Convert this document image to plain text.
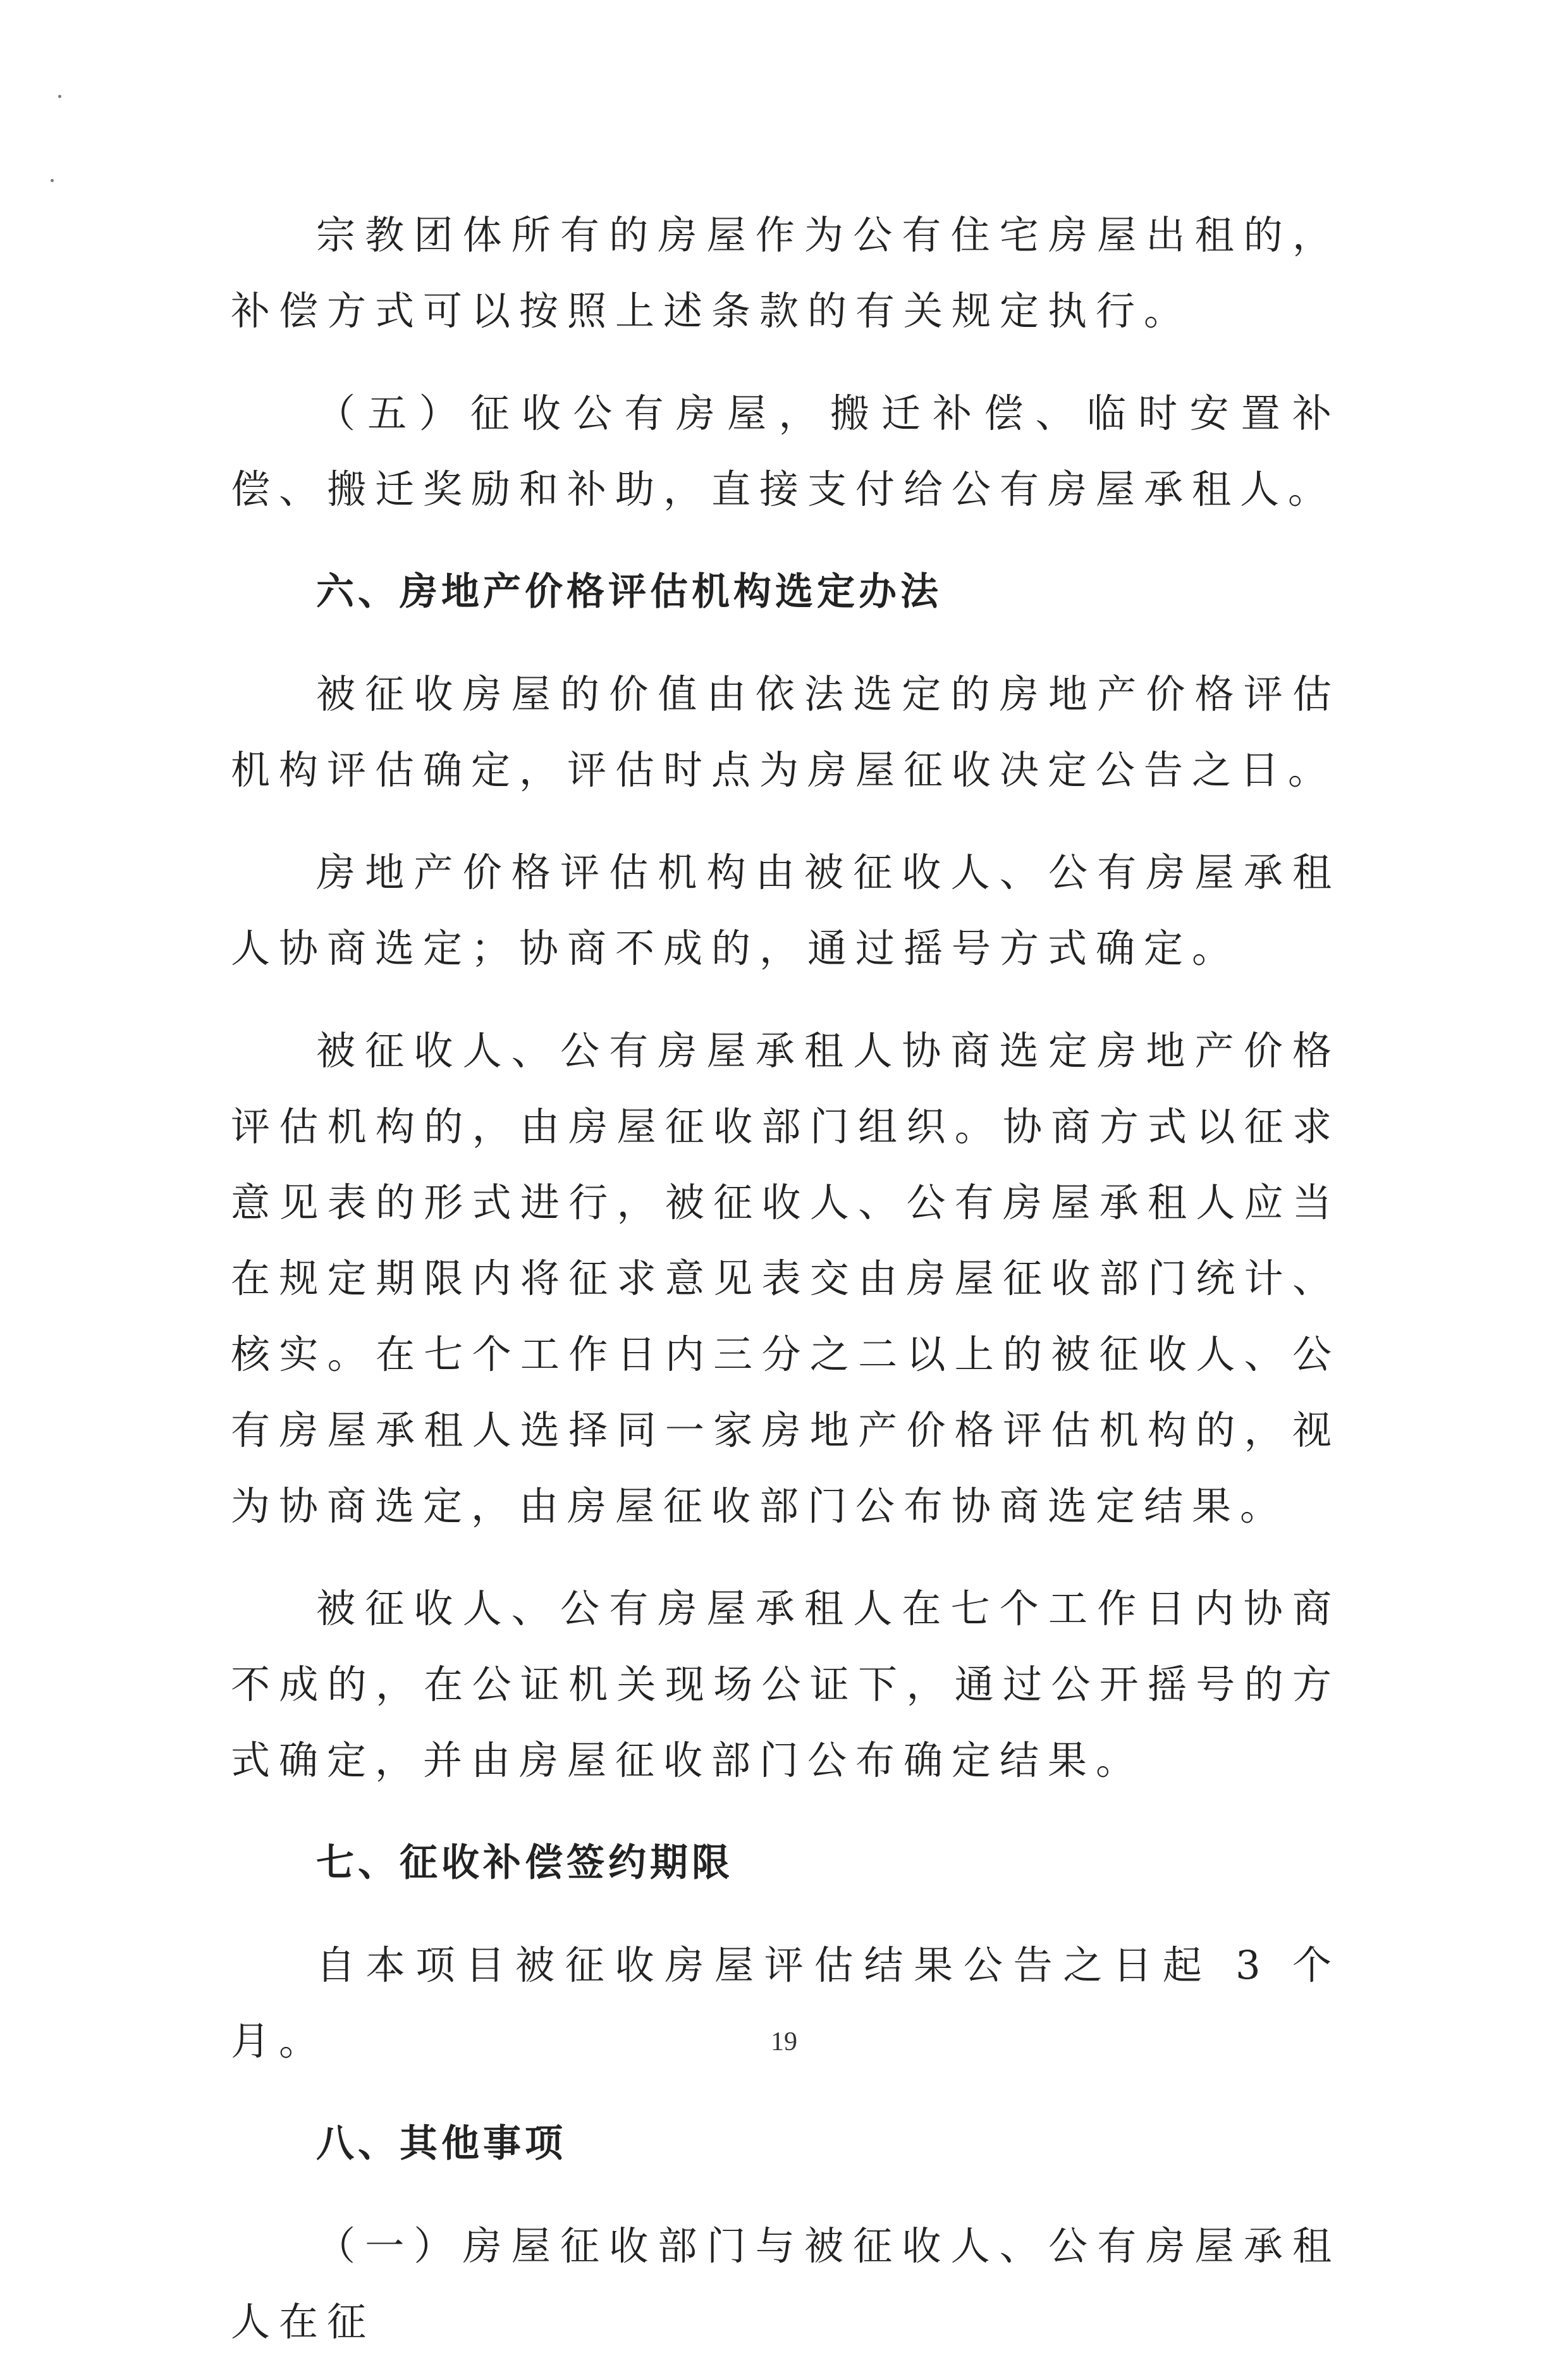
宗教团体所有的房屋作为公有住宅房屋出租的，补偿方式可以按照上述条款的有关规定执行。

（五）征收公有房屋，搬迁补偿、临时安置补偿、搬迁奖励和补助，直接支付给公有房屋承租人。

六、房地产价格评估机构选定办法

被征收房屋的价值由依法选定的房地产价格评估机构评估确定，评估时点为房屋征收决定公告之日。

房地产价格评估机构由被征收人、公有房屋承租人协商选定；协商不成的，通过摇号方式确定。

被征收人、公有房屋承租人协商选定房地产价格评估机构的，由房屋征收部门组织。协商方式以征求意见表的形式进行，被征收人、公有房屋承租人应当在规定期限内将征求意见表交由房屋征收部门统计、核实。在七个工作日内三分之二以上的被征收人、公有房屋承租人选择同一家房地产价格评估机构的，视为协商选定，由房屋征收部门公布协商选定结果。

被征收人、公有房屋承租人在七个工作日内协商不成的，在公证机关现场公证下，通过公开摇号的方式确定，并由房屋征收部门公布确定结果。

七、征收补偿签约期限

自本项目被征收房屋评估结果公告之日起 3 个月。

八、其他事项

（一）房屋征收部门与被征收人、公有房屋承租人在征

19
